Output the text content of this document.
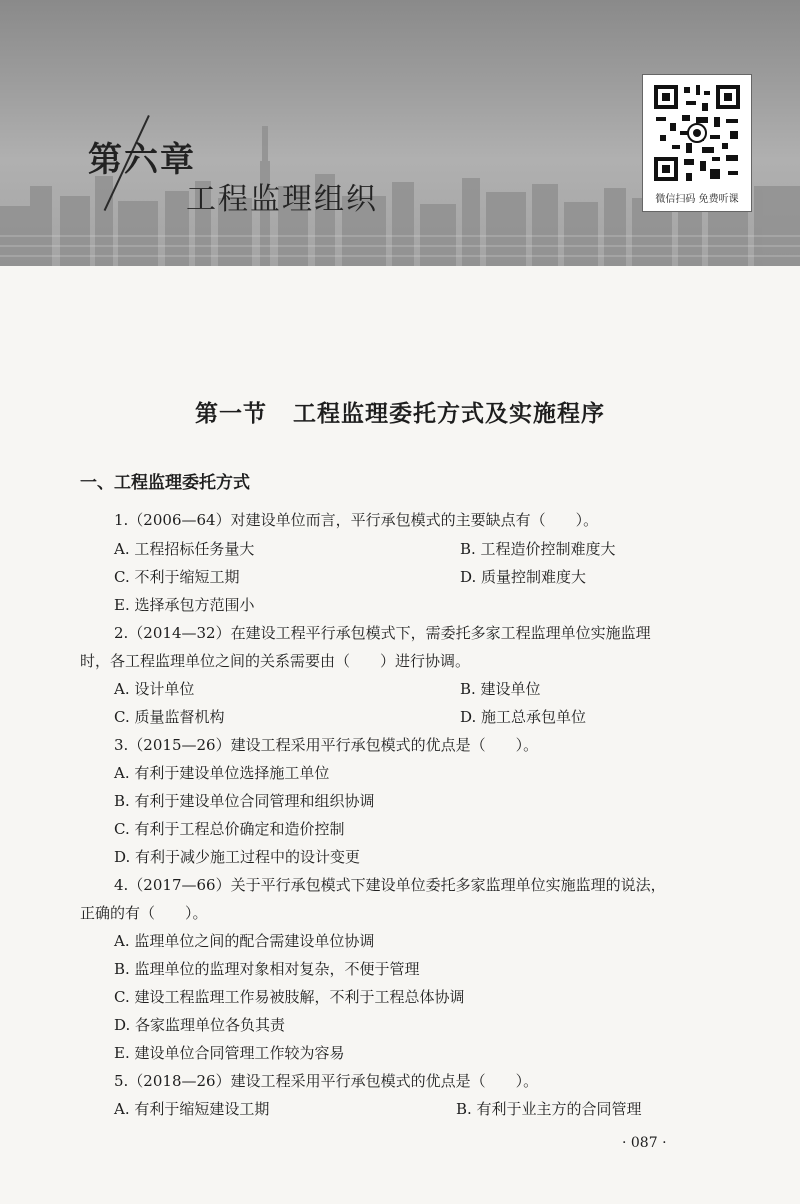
第六章
工程监理组织	微信扫码 免费听课
第一节 工程监理委托方式及实施程序
一、工程监理委托方式
1.（2006—64）对建设单位而言，平行承包模式的主要缺点有（　　）。
A. 工程招标任务量大	B. 工程造价控制难度大
C. 不利于缩短工期	D. 质量控制难度大
E. 选择承包方范围小
2.（2014—32）在建设工程平行承包模式下，需委托多家工程监理单位实施监理
时，各工程监理单位之间的关系需要由（　　）进行协调。
A. 设计单位	B. 建设单位
C. 质量监督机构	D. 施工总承包单位
3.（2015—26）建设工程采用平行承包模式的优点是（　　）。
A. 有利于建设单位选择施工单位
B. 有利于建设单位合同管理和组织协调
C. 有利于工程总价确定和造价控制
D. 有利于减少施工过程中的设计变更
4.（2017—66）关于平行承包模式下建设单位委托多家监理单位实施监理的说法，
正确的有（　　）。
A. 监理单位之间的配合需建设单位协调
B. 监理单位的监理对象相对复杂，不便于管理
C. 建设工程监理工作易被肢解，不利于工程总体协调
D. 各家监理单位各负其责
E. 建设单位合同管理工作较为容易
5.（2018—26）建设工程采用平行承包模式的优点是（　　）。
A. 有利于缩短建设工期	B. 有利于业主方的合同管理
· 087 ·
